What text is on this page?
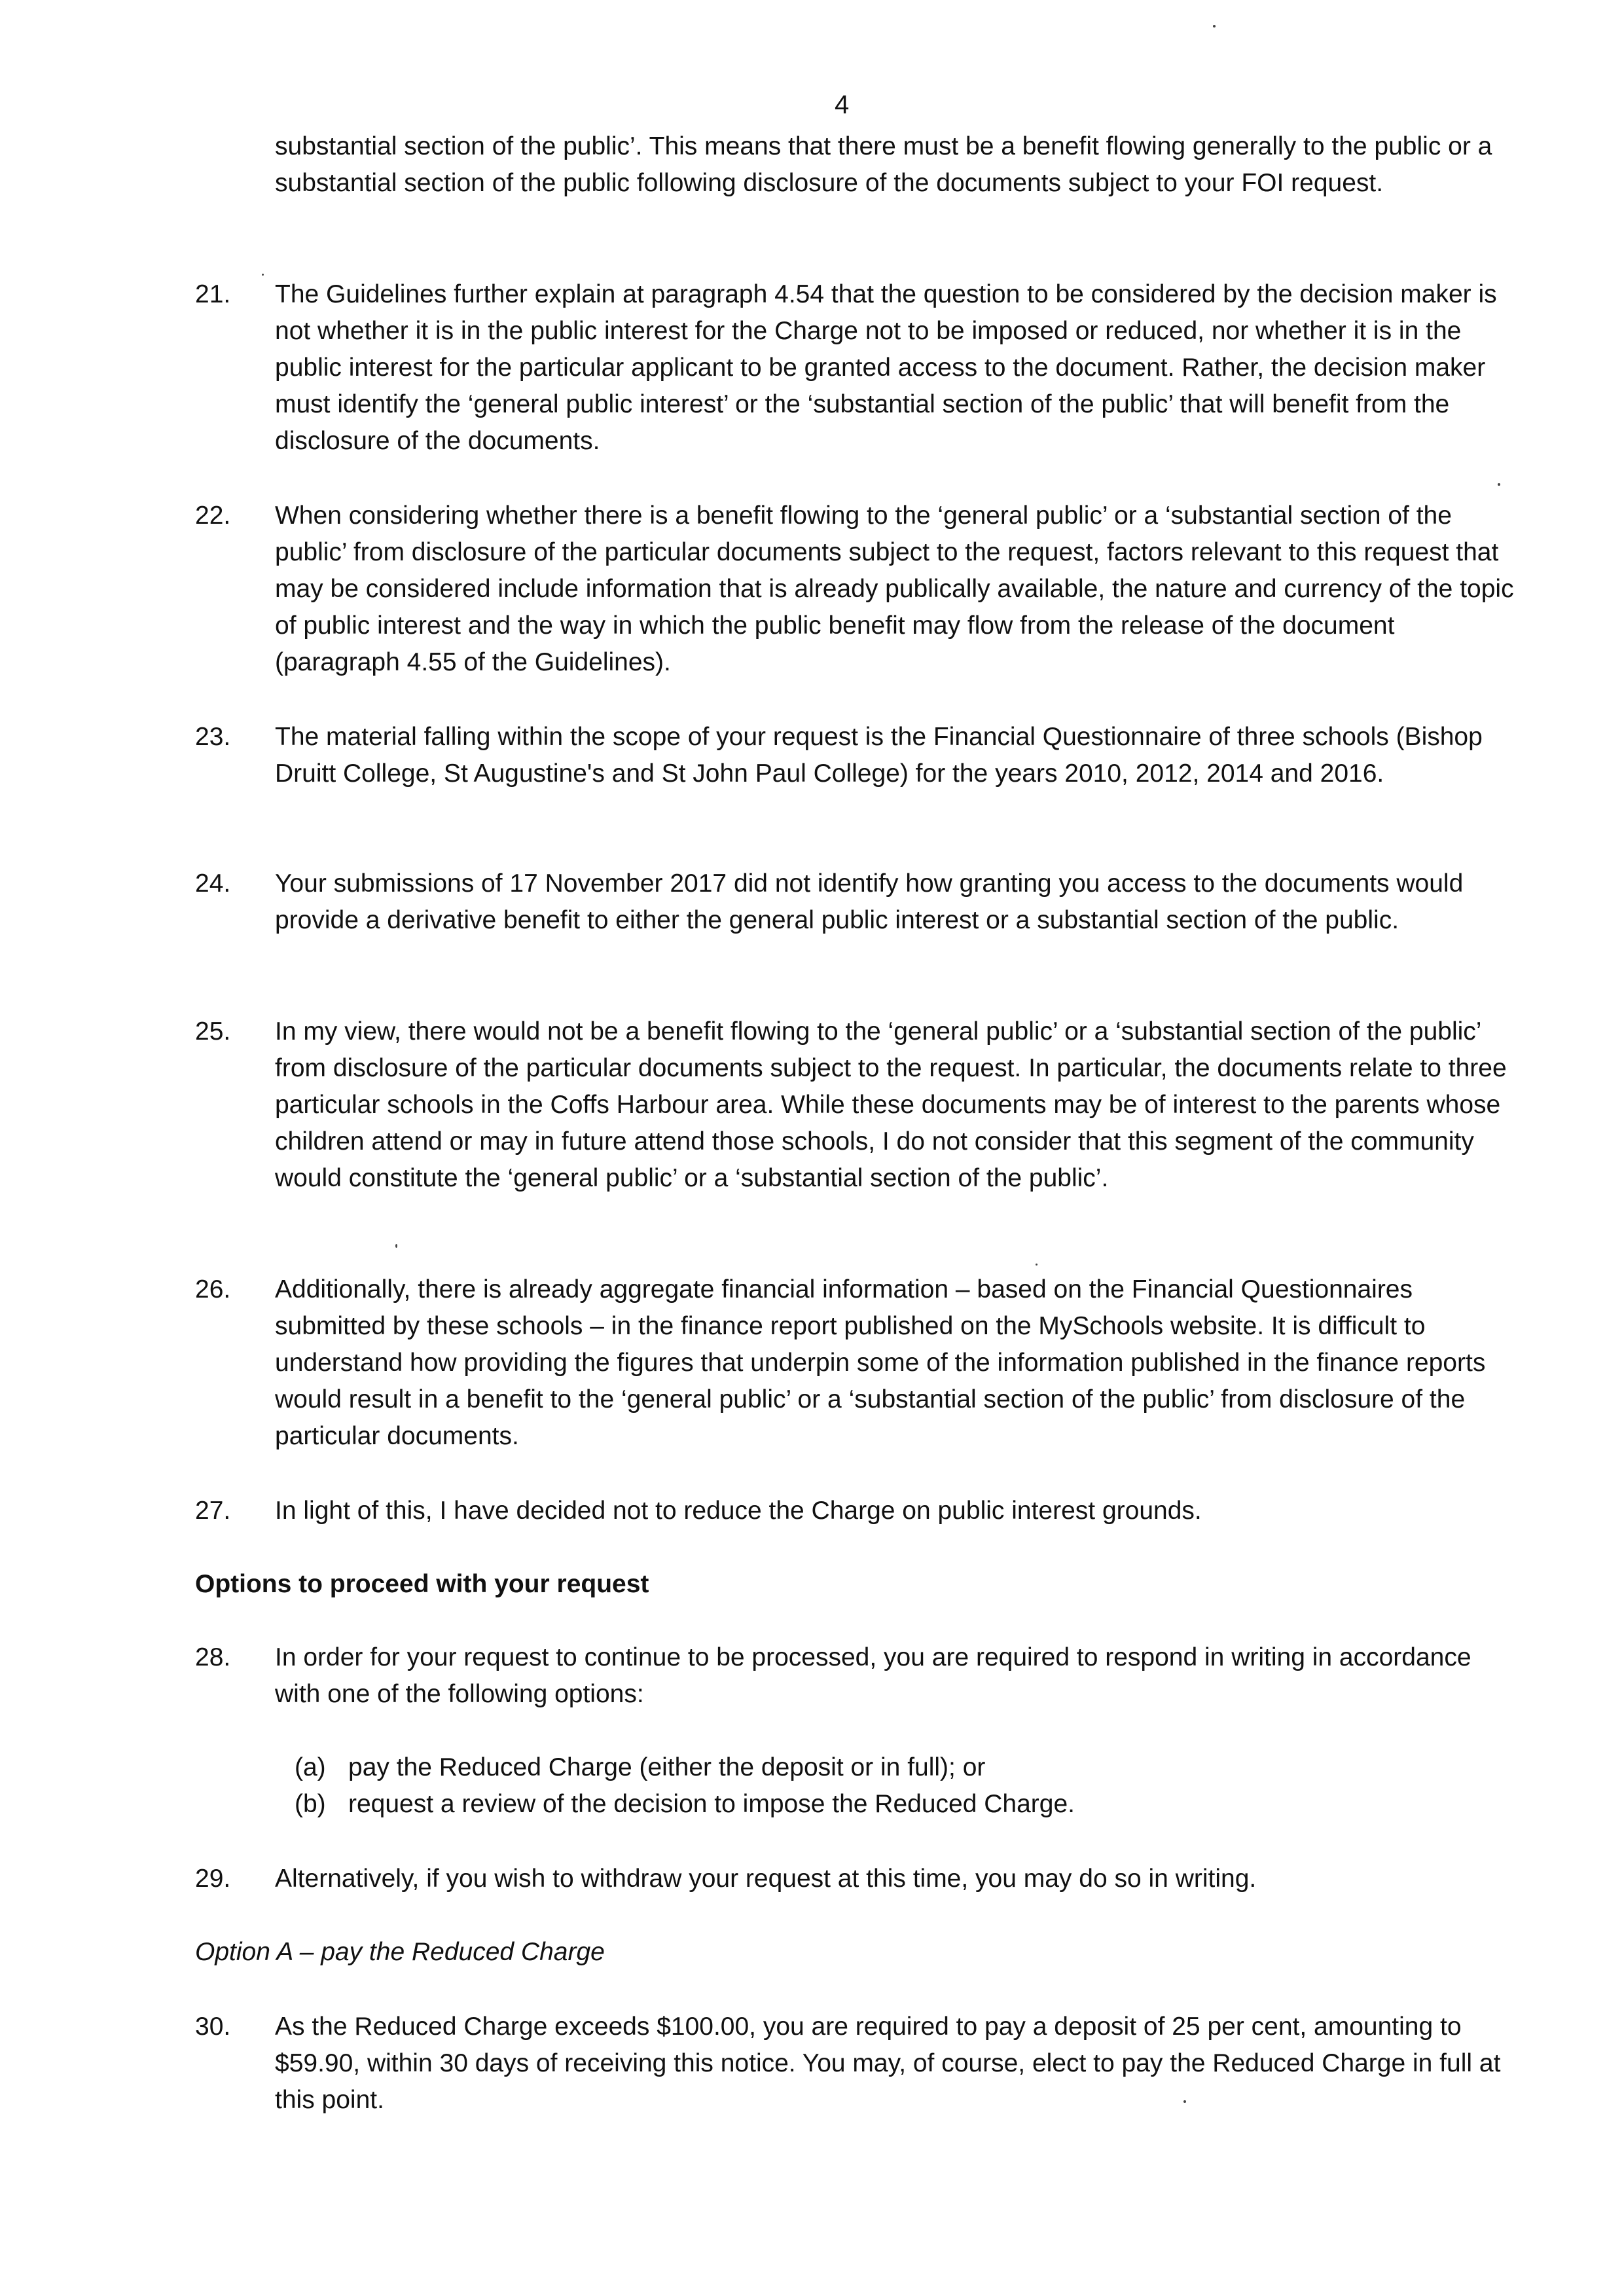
4
substantial section of the public’. This means that there must be a benefit flowing generally to the public or a substantial section of the public following disclosure of the documents subject to your FOI request.
21. The Guidelines further explain at paragraph 4.54 that the question to be considered by the decision maker is not whether it is in the public interest for the Charge not to be imposed or reduced, nor whether it is in the public interest for the particular applicant to be granted access to the document. Rather, the decision maker must identify the ‘general public interest’ or the ‘substantial section of the public’ that will benefit from the disclosure of the documents.
22. When considering whether there is a benefit flowing to the ‘general public’ or a ‘substantial section of the public’ from disclosure of the particular documents subject to the request, factors relevant to this request that may be considered include information that is already publically available, the nature and currency of the topic of public interest and the way in which the public benefit may flow from the release of the document (paragraph 4.55 of the Guidelines).
23. The material falling within the scope of your request is the Financial Questionnaire of three schools (Bishop Druitt College, St Augustine's and St John Paul College) for the years 2010, 2012, 2014 and 2016.
24. Your submissions of 17 November 2017 did not identify how granting you access to the documents would provide a derivative benefit to either the general public interest or a substantial section of the public.
25. In my view, there would not be a benefit flowing to the ‘general public’ or a ‘substantial section of the public’ from disclosure of the particular documents subject to the request. In particular, the documents relate to three particular schools in the Coffs Harbour area. While these documents may be of interest to the parents whose children attend or may in future attend those schools, I do not consider that this segment of the community would constitute the ‘general public’ or a ‘substantial section of the public’.
26. Additionally, there is already aggregate financial information – based on the Financial Questionnaires submitted by these schools – in the finance report published on the MySchools website. It is difficult to understand how providing the figures that underpin some of the information published in the finance reports would result in a benefit to the ‘general public’ or a ‘substantial section of the public’ from disclosure of the particular documents.
27. In light of this, I have decided not to reduce the Charge on public interest grounds.
Options to proceed with your request
28. In order for your request to continue to be processed, you are required to respond in writing in accordance with one of the following options:
(a) pay the Reduced Charge (either the deposit or in full); or
(b) request a review of the decision to impose the Reduced Charge.
29. Alternatively, if you wish to withdraw your request at this time, you may do so in writing.
Option A – pay the Reduced Charge
30. As the Reduced Charge exceeds $100.00, you are required to pay a deposit of 25 per cent, amounting to $59.90, within 30 days of receiving this notice. You may, of course, elect to pay the Reduced Charge in full at this point.
